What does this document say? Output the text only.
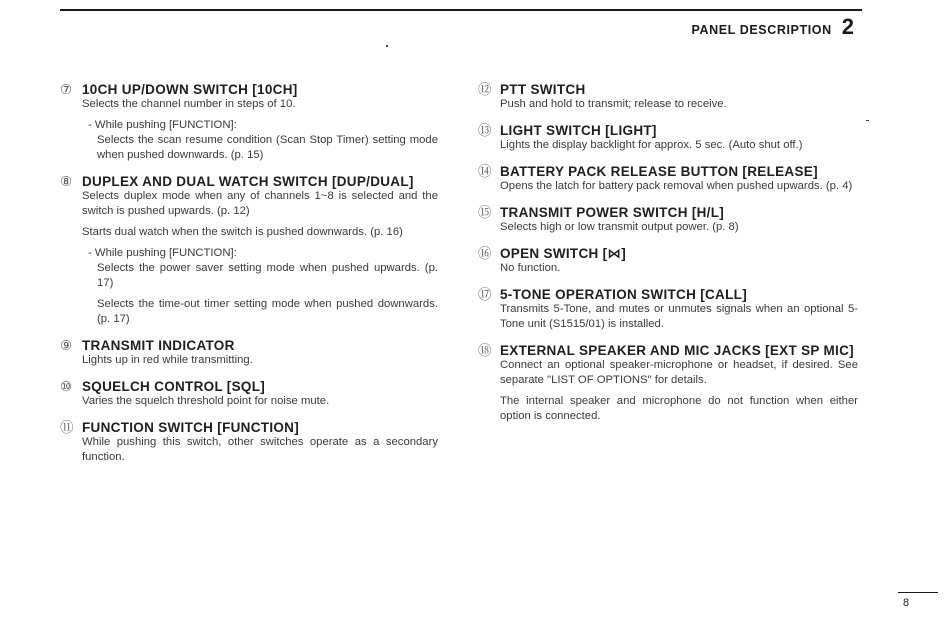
PANEL DESCRIPTION 2
⑦ 10CH UP/DOWN SWITCH [10CH]

Selects the channel number in steps of 10.

- While pushing [FUNCTION]:

Selects the scan resume condition (Scan Stop Timer) setting mode when pushed downwards. (p. 15)

⑧ DUPLEX AND DUAL WATCH SWITCH [DUP/DUAL]

Selects duplex mode when any of channels 1~8 is selected and the switch is pushed upwards. (p. 12)

Starts dual watch when the switch is pushed downwards. (p. 16)

- While pushing [FUNCTION]:

Selects the power saver setting mode when pushed upwards. (p. 17)

Selects the time-out timer setting mode when pushed downwards. (p. 17)

⑨ TRANSMIT INDICATOR

Lights up in red while transmitting.

⑩ SQUELCH CONTROL [SQL]

Varies the squelch threshold point for noise mute.

⑪ FUNCTION SWITCH [FUNCTION]

While pushing this switch, other switches operate as a secondary function.

⑫ PTT SWITCH

Push and hold to transmit; release to receive.

⑬ LIGHT SWITCH [LIGHT]

Lights the display backlight for approx. 5 sec. (Auto shut off.)

⑭ BATTERY PACK RELEASE BUTTON [RELEASE]

Opens the latch for battery pack removal when pushed upwards. (p. 4)

⑮ TRANSMIT POWER SWITCH [H/L]

Selects high or low transmit output power. (p. 8)

⑯ OPEN SWITCH [⋈]

No function.

⑰ 5-TONE OPERATION SWITCH [CALL]

Transmits 5-Tone, and mutes or unmutes signals when an optional 5-Tone unit (S1515/01) is installed.

⑱ EXTERNAL SPEAKER AND MIC JACKS [EXT SP MIC]

Connect an optional speaker-microphone or headset, if desired. See separate "LIST OF OPTIONS" for details.

The internal speaker and microphone do not function when either option is connected.

8
